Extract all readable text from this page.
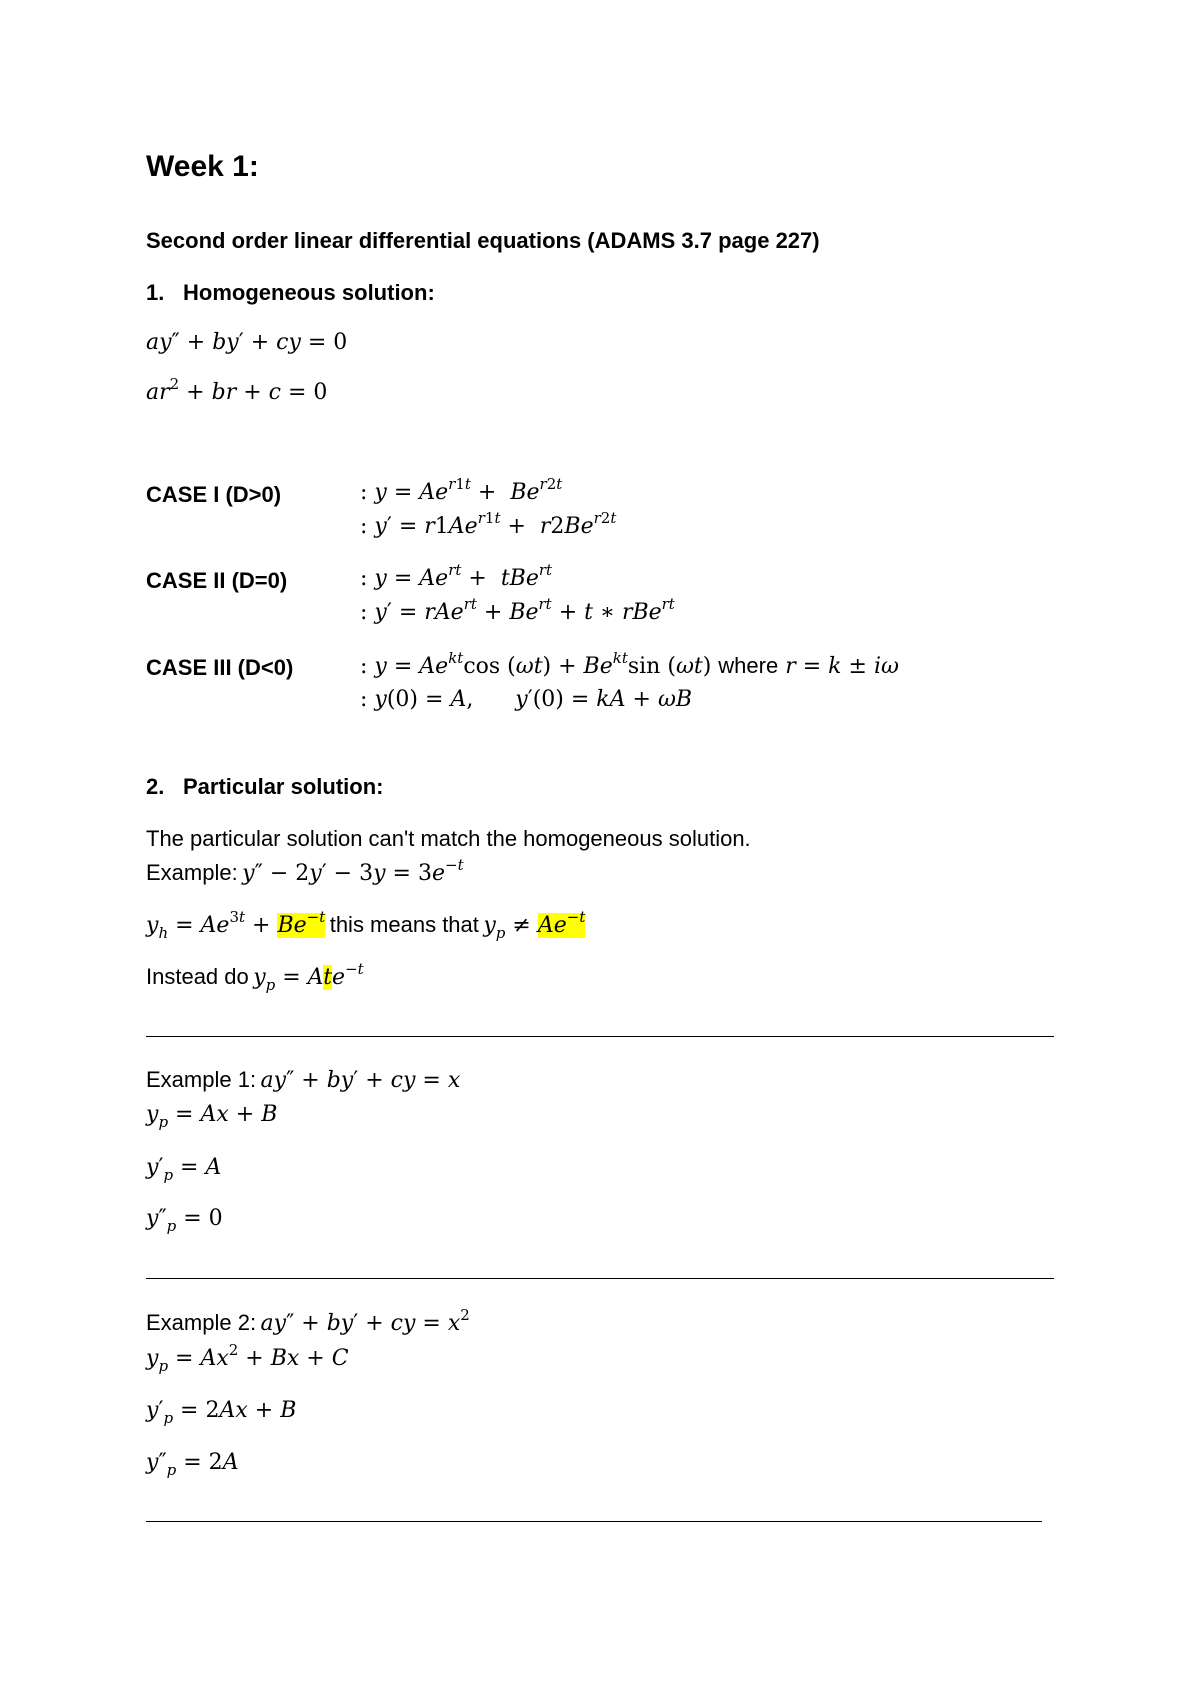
Week 1:
Second order linear differential equations (ADAMS 3.7 page 227)
1. Homogeneous solution:
ay″ + by′ + cy = 0
$ar^2$ + br + c = 0
CASE I (D>0)	: $y = Ae^{r1t} + Be^{r2t}$
: $y' = r1Ae^{r1t} + r2Be^{r2t}$
CASE II (D=0)	: $y = Ae^{rt} + tBe^{rt}$
: $y' = rAe^{rt} + Be^{rt} + t$ ∗ rBe$^{rt}$
CASE III (D<0)	: $y = Ae^{kt}\cos$ $(\omega t) + Be^{kt}\sin$ (ωt) where r = k ± iω
: y(0) = A,      y′(0) = kA + ωB
2. Particular solution:
The particular solution can't match the homogeneous solution.
Example: $y'' - 2y' - 3y = 3e^{-t}$
$y_h = Ae^{3t} + Be^{-t}$ this means that $y_p \ne Ae^{-t}$
Instead do $y_p = Ate^{-t}$
Example 1: ay″ + by′ + cy = x
$y_p = Ax + B$
$y'_p = A$
$y''_p = 0$
Example 2: ay″ + by′ + cy = $x^2$
$y_p = Ax^2 + Bx + C$
$y'_p = 2Ax + B$
$y''_p = 2A$
